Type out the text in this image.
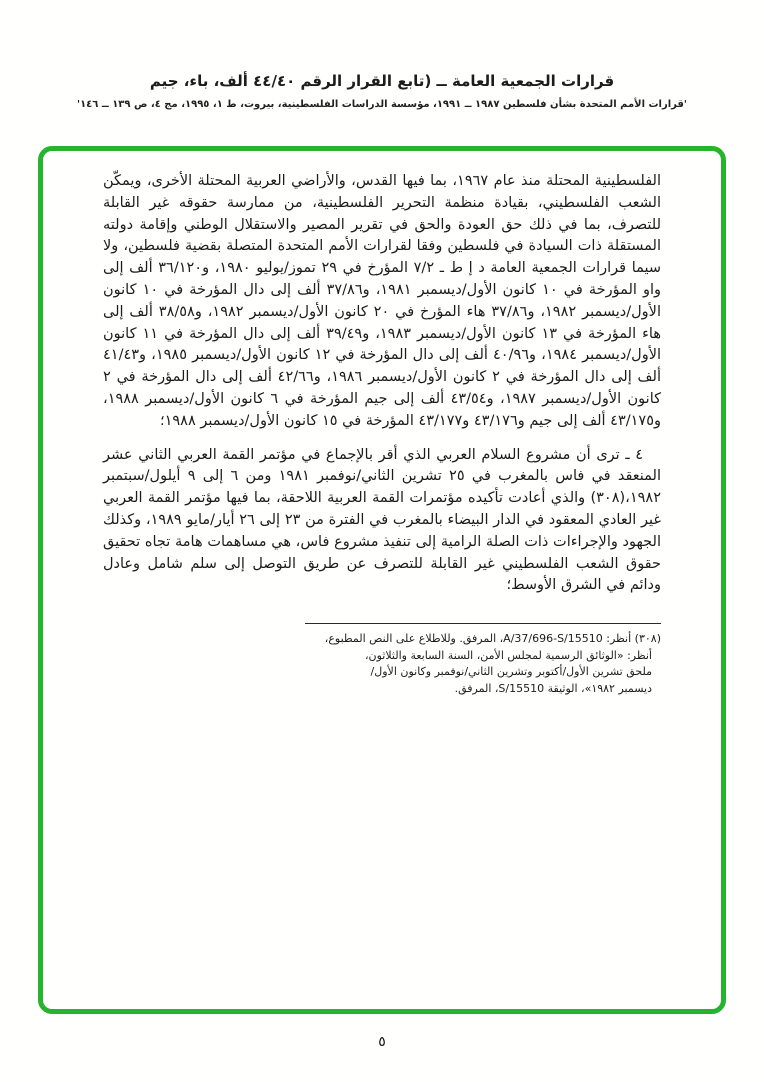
قرارات الجمعية العامة ــ (تابع القرار الرقم ٤٤/٤٠ ألف، باء، جيم
'قرارات الأمم المتحدة بشأن فلسطين ١٩٨٧ ــ ١٩٩١، مؤسسة الدراسات الفلسطينية، بيروت، ط ١، ١٩٩٥، مج ٤، ص ١٣٩ ــ ١٤٦'

الفلسطينية المحتلة منذ عام ١٩٦٧، بما فيها القدس، والأراضي العربية المحتلة الأخرى، ويمكّن الشعب الفلسطيني، بقيادة منظمة التحرير الفلسطينية، من ممارسة حقوقه غير القابلة للتصرف، بما في ذلك حق العودة والحق في تقرير المصير والاستقلال الوطني وإقامة دولته المستقلة ذات السيادة في فلسطين وفقا لقرارات الأمم المتحدة المتصلة بقضية فلسطين، ولا سيما قرارات الجمعية العامة د إ ط ـ ٧/٢ المؤرخ في ٢٩ تموز/يوليو ١٩٨٠، و٣٦/١٢٠ ألف إلى واو المؤرخة في ١٠ كانون الأول/ديسمبر ١٩٨١، و٣٧/٨٦ ألف إلى دال المؤرخة في ١٠ كانون الأول/ديسمبر ١٩٨٢، و٣٧/٨٦ هاء المؤرخ في ٢٠ كانون الأول/ديسمبر ١٩٨٢، و٣٨/٥٨ ألف إلى هاء المؤرخة في ١٣ كانون الأول/ديسمبر ١٩٨٣، و٣٩/٤٩ ألف إلى دال المؤرخة في ١١ كانون الأول/ديسمبر ١٩٨٤، و٤٠/٩٦ ألف إلى دال المؤرخة في ١٢ كانون الأول/ديسمبر ١٩٨٥، و٤١/٤٣ ألف إلى دال المؤرخة في ٢ كانون الأول/ديسمبر ١٩٨٦، و٤٢/٦٦ ألف إلى دال المؤرخة في ٢ كانون الأول/ديسمبر ١٩٨٧، و٤٣/٥٤ ألف إلى جيم المؤرخة في ٦ كانون الأول/ديسمبر ١٩٨٨، و٤٣/١٧٥ ألف إلى جيم و٤٣/١٧٦ و٤٣/١٧٧ المؤرخة في ١٥ كانون الأول/ديسمبر ١٩٨٨؛

٤ ـ ترى أن مشروع السلام العربي الذي أقر بالإجماع في مؤتمر القمة العربي الثاني عشر المنعقد في فاس بالمغرب في ٢٥ تشرين الثاني/نوفمبر ١٩٨١ ومن ٦ إلى ٩ أيلول/سبتمبر ١٩٨٢،(٣٠٨) والذي أعادت تأكيده مؤتمرات القمة العربية اللاحقة، بما فيها مؤتمر القمة العربي غير العادي المعقود في الدار البيضاء بالمغرب في الفترة من ٢٣ إلى ٢٦ أيار/مايو ١٩٨٩، وكذلك الجهود والإجراءات ذات الصلة الرامية إلى تنفيذ مشروع فاس، هي مساهمات هامة تجاه تحقيق حقوق الشعب الفلسطيني غير القابلة للتصرف عن طريق التوصل إلى سلم شامل وعادل ودائم في الشرق الأوسط؛

(٣٠٨) أنظر: A/37/696-S/15510، المرفق. وللاطلاع على النص المطبوع،
أنظر: «الوثائق الرسمية لمجلس الأمن، السنة السابعة والثلاثون،
ملحق تشرين الأول/أكتوبر وتشرين الثاني/نوفمبر وكانون الأول/
ديسمبر ١٩٨٢»، الوثيقة S/15510، المرفق.
٥
